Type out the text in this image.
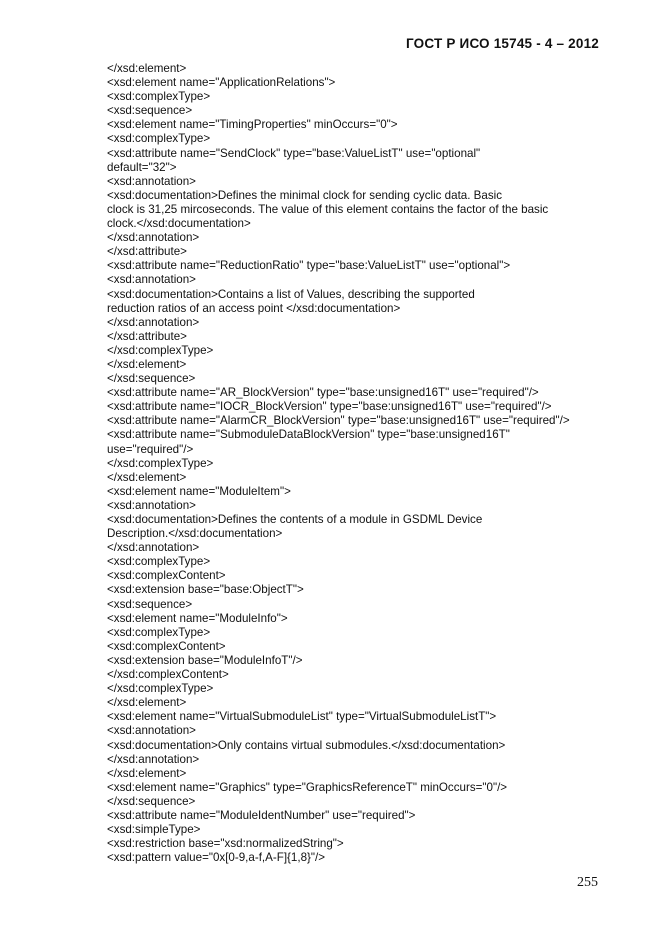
ГОСТ Р ИСО 15745 - 4 – 2012
</xsd:element>
<xsd:element name="ApplicationRelations">
<xsd:complexType>
<xsd:sequence>
<xsd:element name="TimingProperties" minOccurs="0">
<xsd:complexType>
<xsd:attribute name="SendClock" type="base:ValueListT" use="optional"
default="32">
<xsd:annotation>
<xsd:documentation>Defines the minimal clock for sending cyclic data. Basic
clock is 31,25 mircoseconds. The value of this element contains the factor of the basic
clock.</xsd:documentation>
</xsd:annotation>
</xsd:attribute>
<xsd:attribute name="ReductionRatio" type="base:ValueListT" use="optional">
<xsd:annotation>
<xsd:documentation>Contains a list of Values, describing the supported
reduction ratios of an access point </xsd:documentation>
</xsd:annotation>
</xsd:attribute>
</xsd:complexType>
</xsd:element>
</xsd:sequence>
<xsd:attribute name="AR_BlockVersion" type="base:unsigned16T" use="required"/>
<xsd:attribute name="IOCR_BlockVersion" type="base:unsigned16T" use="required"/>
<xsd:attribute name="AlarmCR_BlockVersion" type="base:unsigned16T" use="required"/>
<xsd:attribute name="SubmoduleDataBlockVersion" type="base:unsigned16T"
use="required"/>
</xsd:complexType>
</xsd:element>
<xsd:element name="ModuleItem">
<xsd:annotation>
<xsd:documentation>Defines the contents of a module in GSDML Device
Description.</xsd:documentation>
</xsd:annotation>
<xsd:complexType>
<xsd:complexContent>
<xsd:extension base="base:ObjectT">
<xsd:sequence>
<xsd:element name="ModuleInfo">
<xsd:complexType>
<xsd:complexContent>
<xsd:extension base="ModuleInfoT"/>
</xsd:complexContent>
</xsd:complexType>
</xsd:element>
<xsd:element name="VirtualSubmoduleList" type="VirtualSubmoduleListT">
<xsd:annotation>
<xsd:documentation>Only contains virtual submodules.</xsd:documentation>
</xsd:annotation>
</xsd:element>
<xsd:element name="Graphics" type="GraphicsReferenceT" minOccurs="0"/>
</xsd:sequence>
<xsd:attribute name="ModuleIdentNumber" use="required">
<xsd:simpleType>
<xsd:restriction base="xsd:normalizedString">
<xsd:pattern value="0x[0-9,a-f,A-F]{1,8}"/>
255
